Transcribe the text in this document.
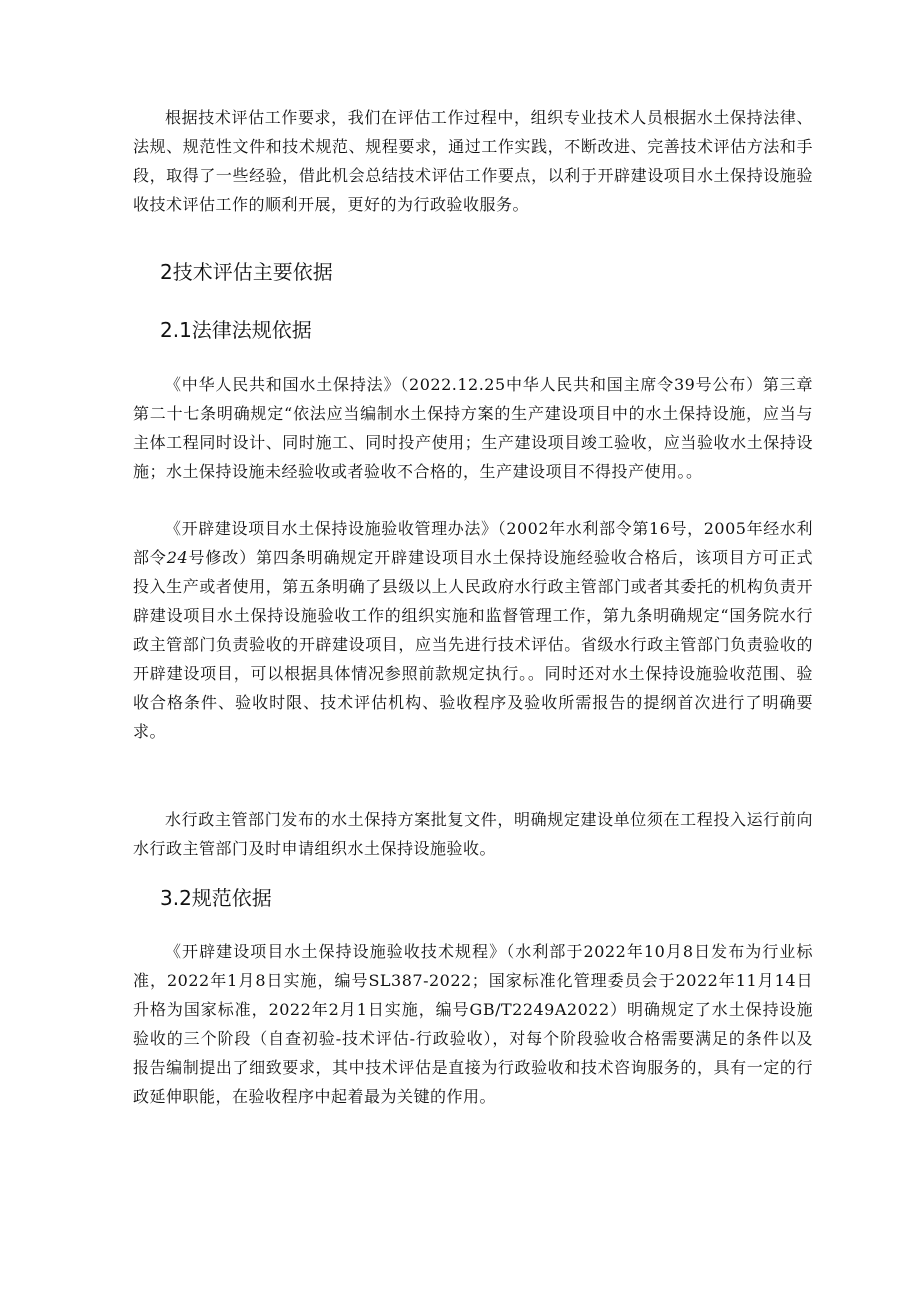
根据技术评估工作要求，我们在评估工作过程中，组织专业技术人员根据水土保持法律、法规、规范性文件和技术规范、规程要求，通过工作实践，不断改进、完善技术评估方法和手段，取得了一些经验，借此机会总结技术评估工作要点，以利于开辟建设项目水土保持设施验收技术评估工作的顺利开展，更好的为行政验收服务。

2技术评估主要依据
2.1法律法规依据

《中华人民共和国水土保持法》（2022.12.25中华人民共和国主席令39号公布）第三章第二十七条明确规定“依法应当编制水土保持方案的生产建设项目中的水土保持设施，应当与主体工程同时设计、同时施工、同时投产使用；生产建设项目竣工验收，应当验收水土保持设施；水土保持设施未经验收或者验收不合格的，生产建设项目不得投产使用。。

《开辟建设项目水土保持设施验收管理办法》（2002年水利部令第16号，2005年经水利部令24号修改）第四条明确规定开辟建设项目水土保持设施经验收合格后，该项目方可正式投入生产或者使用，第五条明确了县级以上人民政府水行政主管部门或者其委托的机构负责开辟建设项目水土保持设施验收工作的组织实施和监督管理工作，第九条明确规定“国务院水行政主管部门负责验收的开辟建设项目，应当先进行技术评估。省级水行政主管部门负责验收的开辟建设项目，可以根据具体情况参照前款规定执行。。同时还对水土保持设施验收范围、验收合格条件、验收时限、技术评估机构、验收程序及验收所需报告的提纲首次进行了明确要求。

水行政主管部门发布的水土保持方案批复文件，明确规定建设单位须在工程投入运行前向水行政主管部门及时申请组织水土保持设施验收。

3.2规范依据

《开辟建设项目水土保持设施验收技术规程》（水利部于2022年10月8日发布为行业标准，2022年1月8日实施，编号SL387-2022；国家标准化管理委员会于2022年11月14日升格为国家标准，2022年2月1日实施，编号GB/T2249A2022）明确规定了水土保持设施验收的三个阶段（自查初验-技术评估-行政验收），对每个阶段验收合格需要满足的条件以及报告编制提出了细致要求，其中技术评估是直接为行政验收和技术咨询服务的，具有一定的行政延伸职能，在验收程序中起着最为关键的作用。
